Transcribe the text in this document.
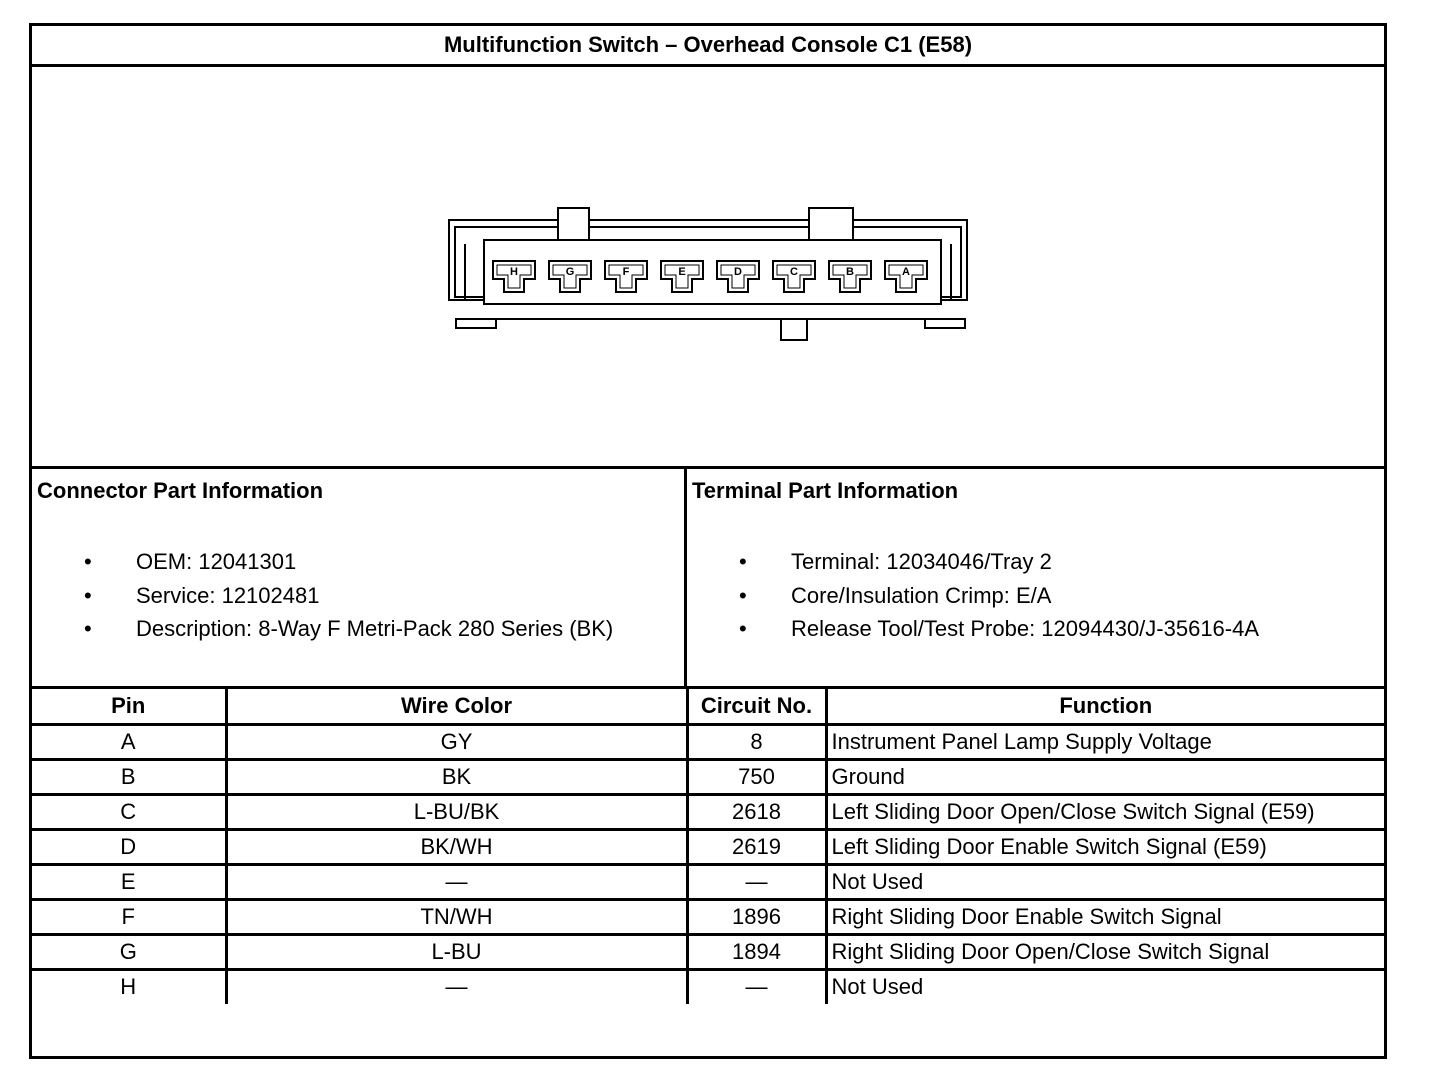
Multifunction Switch – Overhead Console C1 (E58)
H	G	F	E	D	C	B	A
Connector Part Information
• OEM: 12041301
• Service: 12102481
• Description: 8-Way F Metri-Pack 280 Series (BK)
Terminal Part Information
• Terminal: 12034046/Tray 2
• Core/Insulation Crimp: E/A
• Release Tool/Test Probe: 12094430/J-35616-4A
Pin	Wire Color	Circuit No.	Function
A	GY	8	Instrument Panel Lamp Supply Voltage
B	BK	750	Ground
C	L-BU/BK	2618	Left Sliding Door Open/Close Switch Signal (E59)
D	BK/WH	2619	Left Sliding Door Enable Switch Signal (E59)
E	—	—	Not Used
F	TN/WH	1896	Right Sliding Door Enable Switch Signal
G	L-BU	1894	Right Sliding Door Open/Close Switch Signal
H	—	—	Not Used
